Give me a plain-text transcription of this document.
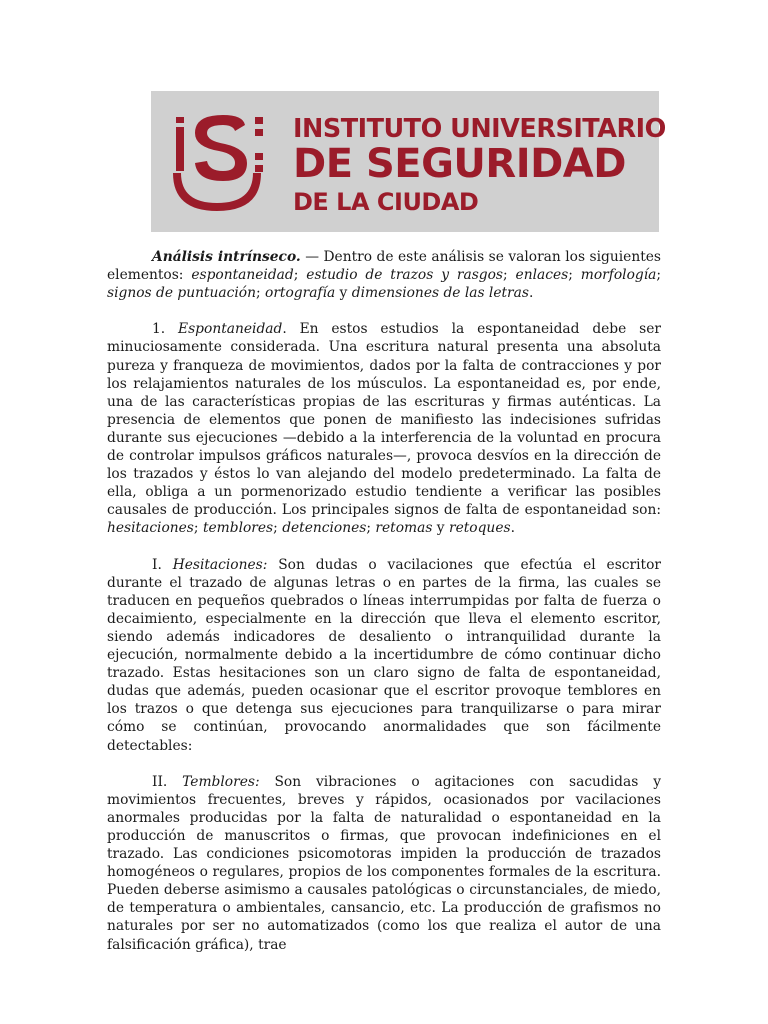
INSTITUTO UNIVERSITARIO
DE SEGURIDAD
DE LA CIUDAD

Análisis intrínseco. — Dentro de este análisis se valoran los siguientes elementos: espontaneidad; estudio de trazos y rasgos; enlaces; morfología; signos de puntuación; ortografía y dimensiones de las letras.

1. Espontaneidad. En estos estudios la espontaneidad debe ser minuciosamente considerada. Una escritura natural presenta una absoluta pureza y franqueza de movimientos, dados por la falta de contracciones y por los relajamientos naturales de los músculos. La espontaneidad es, por ende, una de las características propias de las escrituras y firmas auténticas. La presencia de elementos que ponen de manifiesto las indecisiones sufridas durante sus ejecuciones —debido a la interferencia de la voluntad en procura de controlar impulsos gráficos naturales—, provoca desvíos en la dirección de los trazados y éstos lo van alejando del modelo predeterminado. La falta de ella, obliga a un pormenorizado estudio tendiente a verificar las posibles causales de producción. Los principales signos de falta de espontaneidad son: hesitaciones; temblores; detenciones; retomas y retoques.

I. Hesitaciones: Son dudas o vacilaciones que efectúa el escritor durante el trazado de algunas letras o en partes de la firma, las cuales se traducen en pequeños quebrados o líneas interrumpidas por falta de fuerza o decaimiento, especialmente en la dirección que lleva el elemento escritor, siendo además indicadores de desaliento o intranquilidad durante la ejecución, normalmente debido a la incertidumbre de cómo continuar dicho trazado. Estas hesitaciones son un claro signo de falta de espontaneidad, dudas que además, pueden ocasionar que el escritor provoque temblores en los trazos o que detenga sus ejecuciones para tranquilizarse o para mirar cómo se continúan, provocando anormalidades que son fácilmente detectables:

II. Temblores: Son vibraciones o agitaciones con sacudidas y movimientos frecuentes, breves y rápidos, ocasionados por vacilaciones anormales producidas por la falta de naturalidad o espontaneidad en la producción de manuscritos o firmas, que provocan indefiniciones en el trazado. Las condiciones psicomotoras impiden la producción de trazados homogéneos o regulares, propios de los componentes formales de la escritura. Pueden deberse asimismo a causales patológicas o circunstanciales, de miedo, de temperatura o ambientales, cansancio, etc. La producción de grafismos no naturales por ser no automatizados (como los que realiza el autor de una falsificación gráfica), trae
